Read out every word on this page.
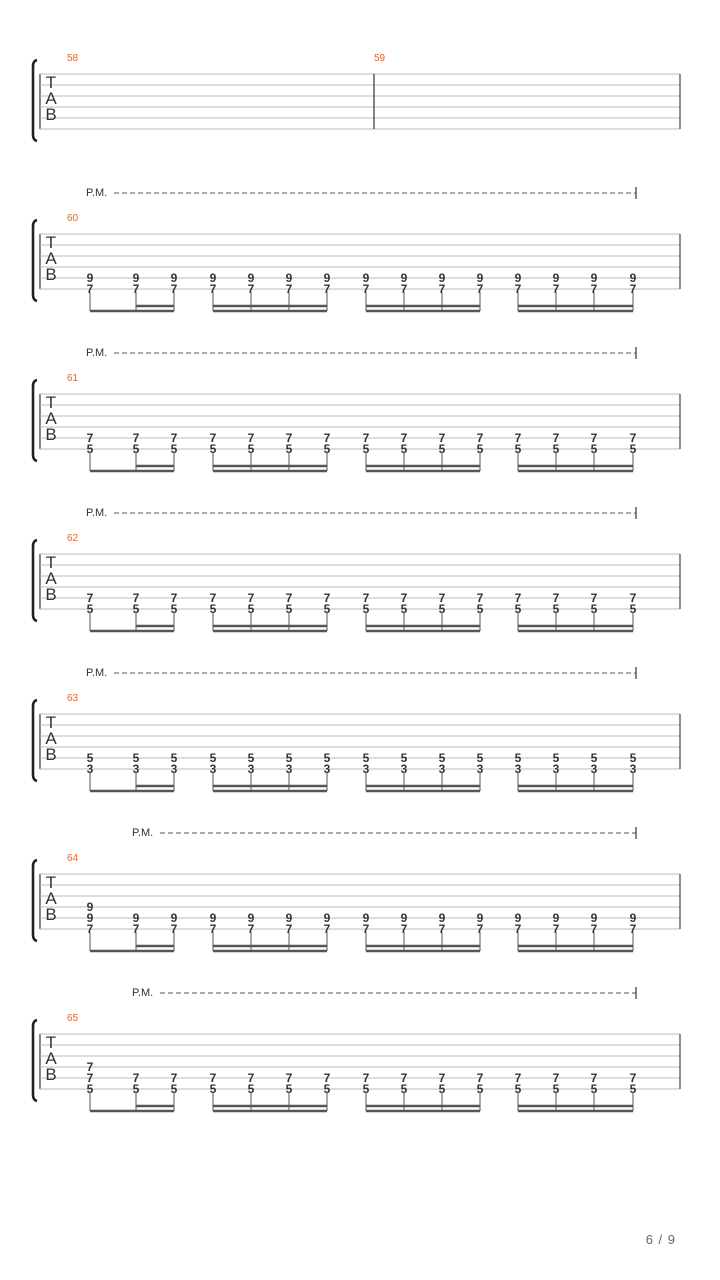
T
A
B
58	59
T
A
B
60
P.M.
9
7
9
7
9
7
9
7
9
7
9
7
9
7
9
7
9
7
9
7
9
7
9
7
9
7
9
7
9
7
T
A
B
61
P.M.
7
5
7
5
7
5
7
5
7
5
7
5
7
5
7
5
7
5
7
5
7
5
7
5
7
5
7
5
7
5
T
A
B
62
P.M.
7
5
7
5
7
5
7
5
7
5
7
5
7
5
7
5
7
5
7
5
7
5
7
5
7
5
7
5
7
5
T
A
B
63
P.M.
5
3
5
3
5
3
5
3
5
3
5
3
5
3
5
3
5
3
5
3
5
3
5
3
5
3
5
3
5
3
T
A
B
64
P.M.
9
9
7
9
7
9
7
9
7
9
7
9
7
9
7
9
7
9
7
9
7
9
7
9
7
9
7
9
7
9
7
T
A
B
65
P.M.
7
7
5
7
5
7
5
7
5
7
5
7
5
7
5
7
5
7
5
7
5
7
5
7
5
7
5
7
5
7
5
6 / 9
